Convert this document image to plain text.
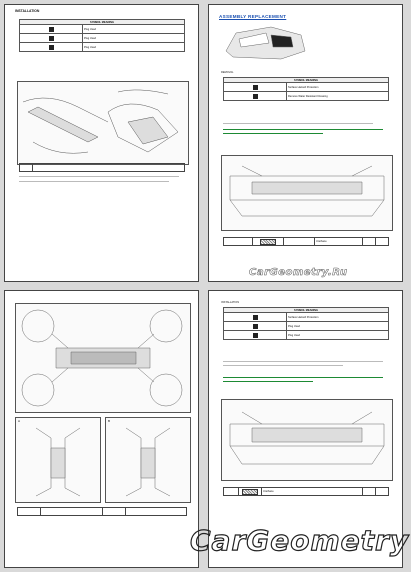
INSTALLATION
SYMBOL MEANING	
	Plug Used
	Plug Used
	Plug Used

ASSEMBLY REPLACEMENT
REMOVAL
SYMBOL MEANING	
	Surface Hazard Protection
	Remove Water Resistant Dressing
			Urethane		
CarGeometry.Ru
A	B

INSTALLATION
SYMBOL MEANING	
	Surface Hazard Protection
	Plug Used
	Plug Used
		Urethane		
CarGeometry
